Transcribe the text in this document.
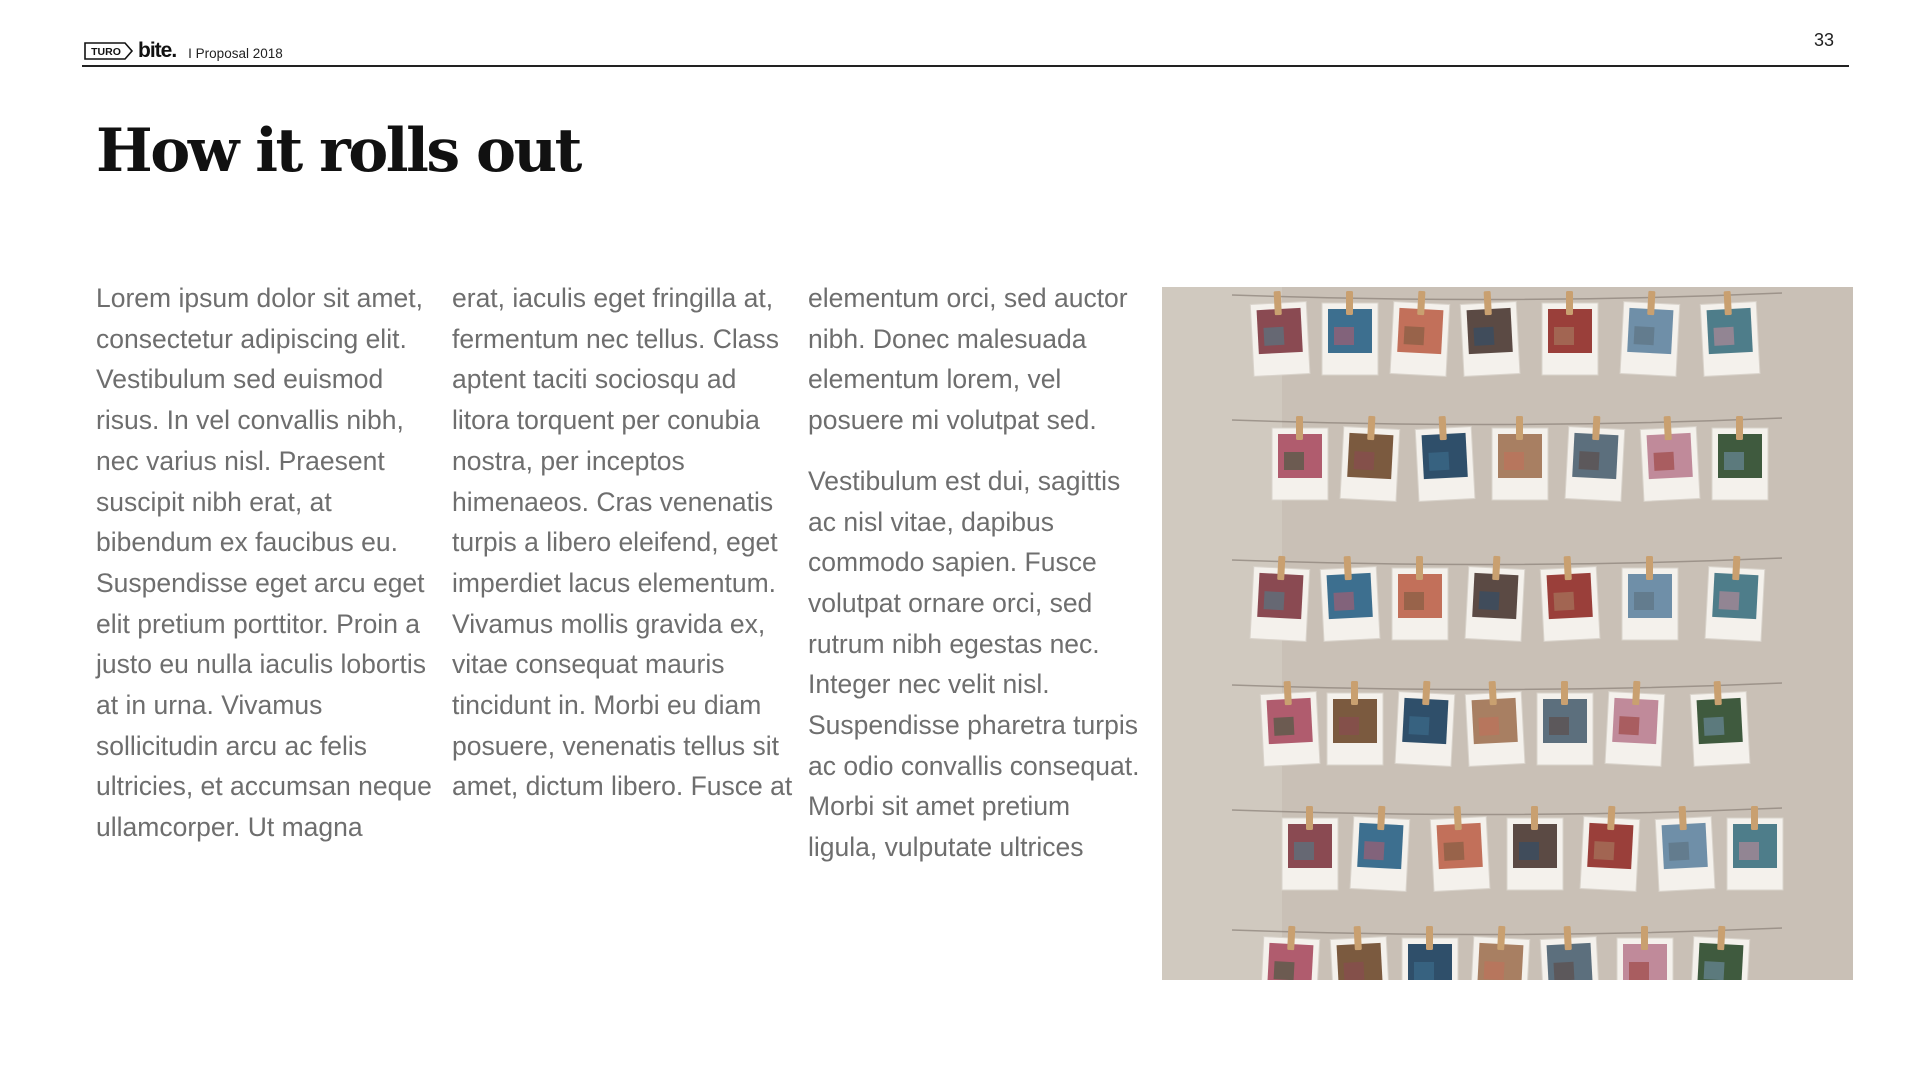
TURO bite. I Proposal 2018
33
How it rolls out

Lorem ipsum dolor sit amet, consectetur adipiscing elit. Vestibulum sed euismod risus. In vel convallis nibh, nec varius nisl. Praesent suscipit nibh erat, at bibendum ex faucibus eu. Suspendisse eget arcu eget elit pretium porttitor. Proin a justo eu nulla iaculis lobortis at in urna. Vivamus sollicitudin arcu ac felis ultricies, et accumsan neque ullamcorper. Ut magna

erat, iaculis eget fringilla at, fermentum nec tellus. Class aptent taciti sociosqu ad litora torquent per conubia nostra, per inceptos himenaeos. Cras venenatis turpis a libero eleifend, eget imperdiet lacus elementum. Vivamus mollis gravida ex, vitae consequat mauris tincidunt in. Morbi eu diam posuere, venenatis tellus sit amet, dictum libero. Fusce at

elementum orci, sed auctor nibh. Donec malesuada elementum lorem, vel posuere mi volutpat sed.

Vestibulum est dui, sagittis ac nisl vitae, dapibus commodo sapien. Fusce volutpat ornare orci, sed rutrum nibh egestas nec. Integer nec velit nisl. Suspendisse pharetra turpis ac odio convallis consequat. Morbi sit amet pretium ligula, vulputate ultrices
